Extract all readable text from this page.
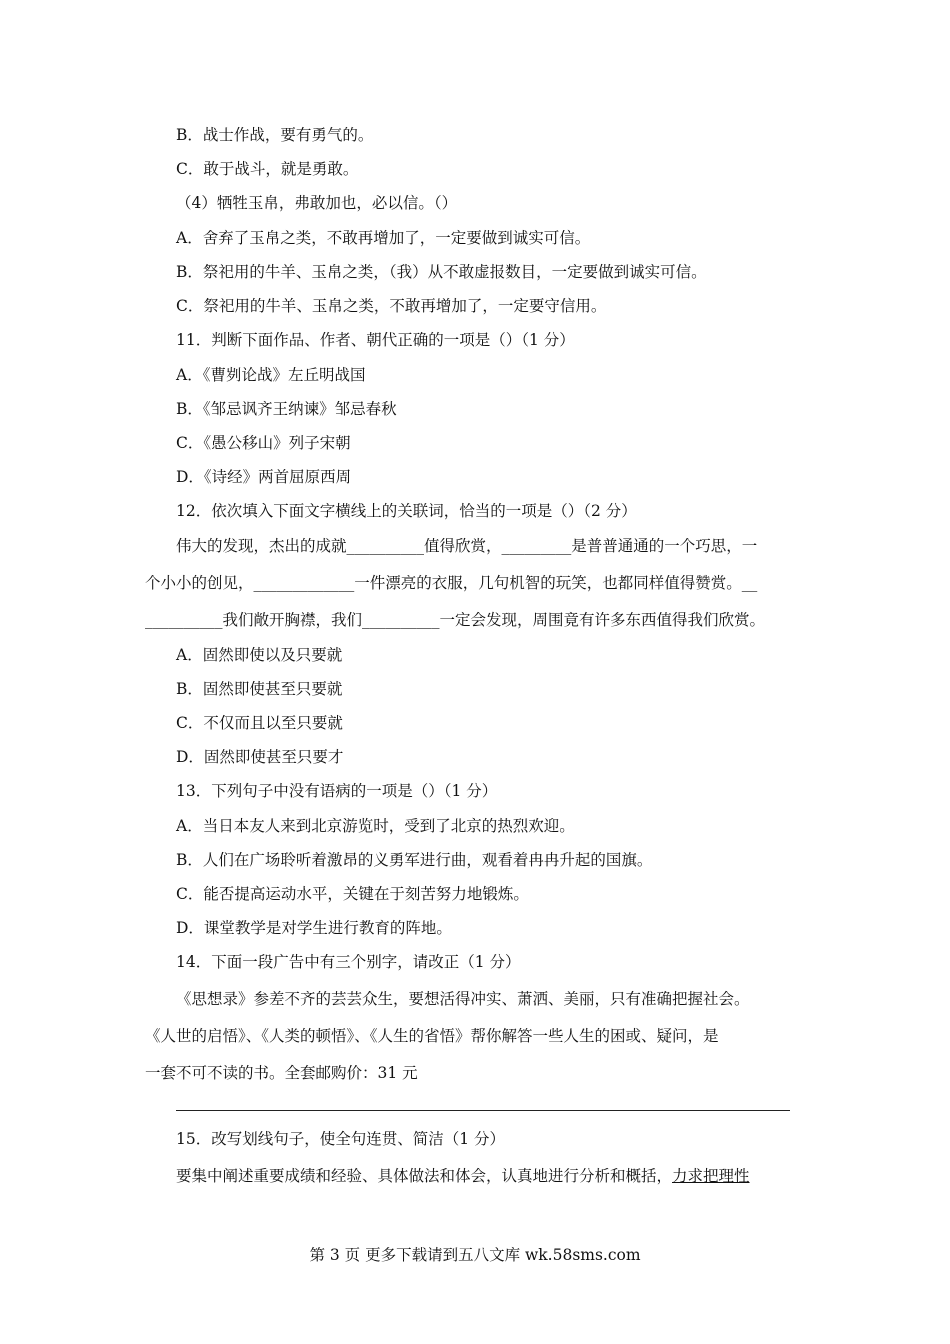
B．战士作战，要有勇气的。
C．敢于战斗，就是勇敢。
（4）牺牲玉帛，弗敢加也，必以信。（）
A．舍弃了玉帛之类，不敢再增加了，一定要做到诚实可信。
B．祭祀用的牛羊、玉帛之类，（我）从不敢虚报数目，一定要做到诚实可信。
C．祭祀用的牛羊、玉帛之类，不敢再增加了，一定要守信用。
11．判断下面作品、作者、朝代正确的一项是（）（1 分）
A．《曹刿论战》左丘明战国
B．《邹忌讽齐王纳谏》邹忌春秋
C．《愚公移山》列子宋朝
D．《诗经》两首屈原西周
12．依次填入下面文字横线上的关联词，恰当的一项是（）（2 分）
伟大的发现，杰出的成就__________值得欣赏，_________是普普通通的一个巧思，一
个小小的创见，_____________一件漂亮的衣服，几句机智的玩笑，也都同样值得赞赏。__
__________我们敞开胸襟，我们__________一定会发现，周围竟有许多东西值得我们欣赏。
A．固然即使以及只要就
B．固然即使甚至只要就
C．不仅而且以至只要就
D．固然即使甚至只要才
13．下列句子中没有语病的一项是（）（1 分）
A．当日本友人来到北京游览时，受到了北京的热烈欢迎。
B．人们在广场聆听着激昂的义勇军进行曲，观看着冉冉升起的国旗。
C．能否提高运动水平，关键在于刻苦努力地锻炼。
D．课堂教学是对学生进行教育的阵地。
14．下面一段广告中有三个别字，请改正（1 分）
《思想录》参差不齐的芸芸众生，要想活得冲实、萧洒、美丽，只有准确把握社会。
《人世的启悟》、《人类的顿悟》、《人生的省悟》帮你解答一些人生的困或、疑问，是
一套不可不读的书。全套邮购价：31 元
15．改写划线句子，使全句连贯、简洁（1 分）
要集中阐述重要成绩和经验、具体做法和体会，认真地进行分析和概括，力求把理性
第 3 页 更多下载请到五八文库 wk.58sms.com
